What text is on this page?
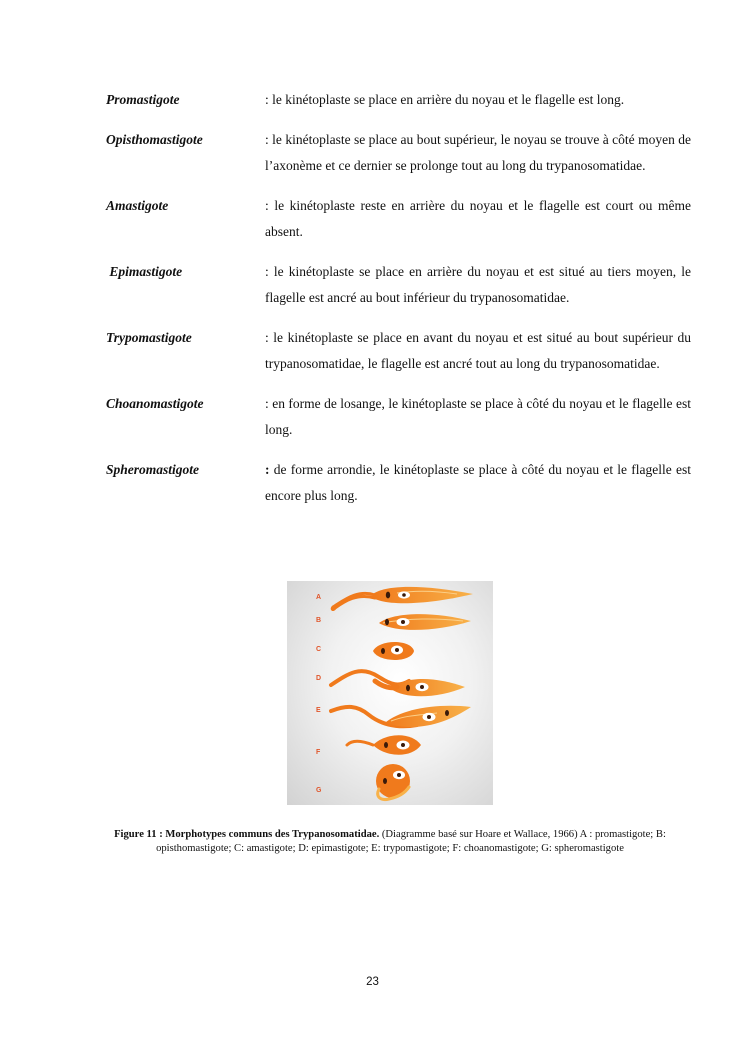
Promastigote	: le kinétoplaste se place en arrière du noyau et le flagelle est long.
Opisthomastigote	: le kinétoplaste se place au bout supérieur, le noyau se trouve à côté moyen de l’axonème et ce dernier se prolonge tout au long du trypanosomatidae.
Amastigote	: le kinétoplaste reste en arrière du noyau et le flagelle est court ou même absent.
Epimastigote	: le kinétoplaste se place en arrière du noyau et est situé au tiers moyen, le flagelle est ancré au bout inférieur du trypanosomatidae.
Trypomastigote	: le kinétoplaste se place en avant du noyau et est situé au bout supérieur du trypanosomatidae, le flagelle est ancré tout au long du trypanosomatidae.
Choanomastigote	: en forme de losange, le kinétoplaste se place à côté du noyau et le flagelle est long.
Spheromastigote	: de forme arrondie, le kinétoplaste se place à côté du noyau et le flagelle est encore plus long.
A
B
C
D
E
F
G
Figure 11 : Morphotypes communs des Trypanosomatidae. (Diagramme basé sur Hoare et Wallace, 1966) A : promastigote; B: opisthomastigote; C: amastigote; D: epimastigote; E: trypomastigote; F: choanomastigote; G: spheromastigote
23
